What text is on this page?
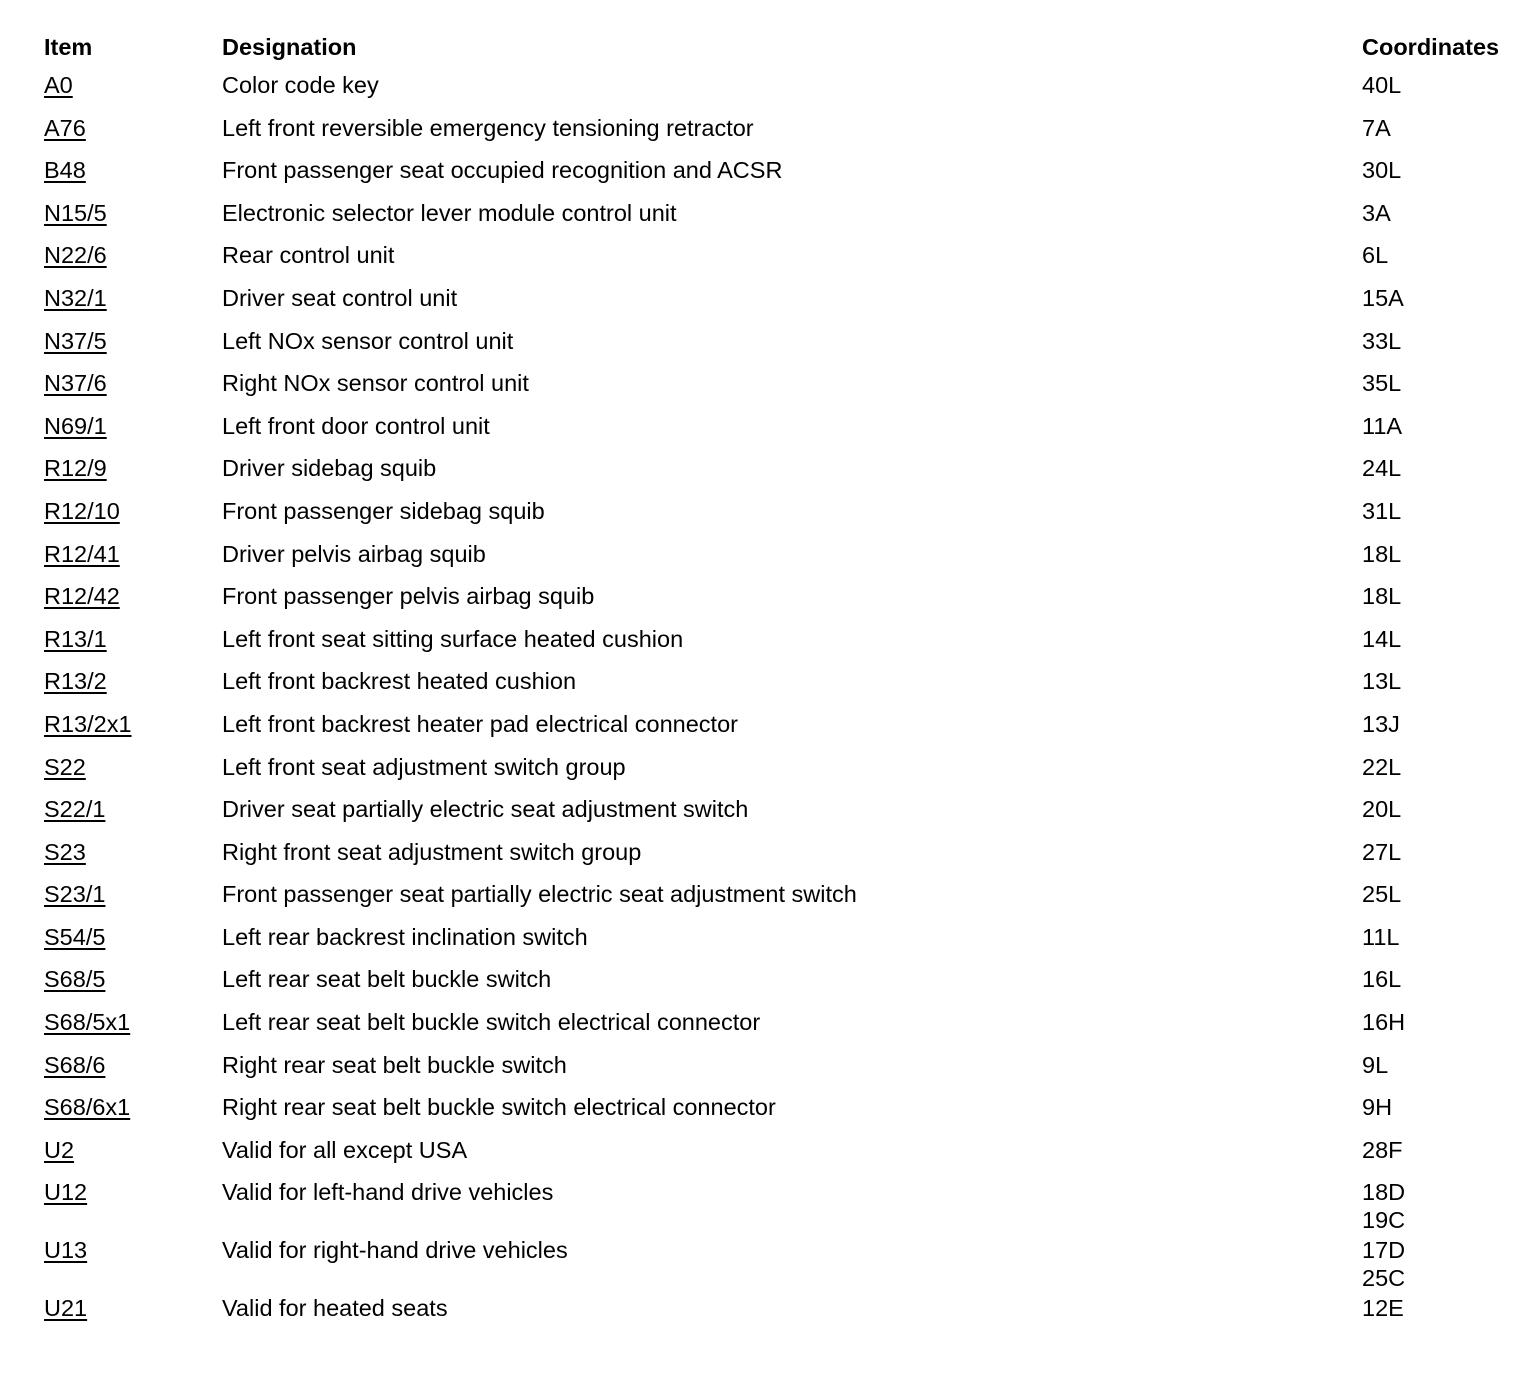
Item	Designation	Coordinates
A0	Color code key	40L
A76	Left front reversible emergency tensioning retractor	7A
B48	Front passenger seat occupied recognition and ACSR	30L
N15/5	Electronic selector lever module control unit	3A
N22/6	Rear control unit	6L
N32/1	Driver seat control unit	15A
N37/5	Left NOx sensor control unit	33L
N37/6	Right NOx sensor control unit	35L
N69/1	Left front door control unit	11A
R12/9	Driver sidebag squib	24L
R12/10	Front passenger sidebag squib	31L
R12/41	Driver pelvis airbag squib	18L
R12/42	Front passenger pelvis airbag squib	18L
R13/1	Left front seat sitting surface heated cushion	14L
R13/2	Left front backrest heated cushion	13L
R13/2x1	Left front backrest heater pad electrical connector	13J
S22	Left front seat adjustment switch group	22L
S22/1	Driver seat partially electric seat adjustment switch	20L
S23	Right front seat adjustment switch group	27L
S23/1	Front passenger seat partially electric seat adjustment switch	25L
S54/5	Left rear backrest inclination switch	11L
S68/5	Left rear seat belt buckle switch	16L
S68/5x1	Left rear seat belt buckle switch electrical connector	16H
S68/6	Right rear seat belt buckle switch	9L
S68/6x1	Right rear seat belt buckle switch electrical connector	9H
U2	Valid for all except USA	28F
U12	Valid for left-hand drive vehicles	18D
19C
U13	Valid for right-hand drive vehicles	17D
25C
U21	Valid for heated seats	12E
